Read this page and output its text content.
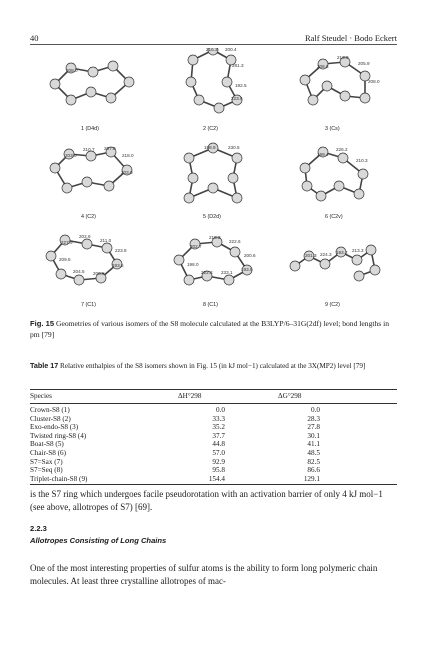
40	Ralf Steudel · Bodo Eckert
208.0
1 (D4d)
216.3 200.4
281.3
192.5
223.6
2 (C2)
206.6
213.9
205.9
208.0
3 (Cs)
203.0
210.7 207.0
218.0
203.0
4 (C2)
198.9	230.5
5 (D2d)
199.4
226.2
210.3
6 (C2v)
227.9
202.6
211.0
223.8
193.5
206.8
204.5
209.5
7 (C1)
202.7
215.3
222.6
200.6
193.8
233.1
222.3
198.0
8 (C1)
201.3 224.3 193.2 213.3
9 (C2)
Fig. 15 Geometries of various isomers of the S8 molecule calculated at the B3LYP/6–31G(2df) level; bond lengths in pm [79]
Table 17 Relative enthalpies of the S8 isomers shown in Fig. 15 (in kJ mol−1) calculated at the 3X(MP2) level [79]
Species	ΔH°298	ΔG°298
Crown-S8 (1)	0.0	0.0
Cluster-S8 (2)	33.3	28.3
Exo-endo-S8 (3)	35.2	27.8
Twisted ring-S8 (4)	37.7	30.1
Boat-S8 (5)	44.8	41.1
Chair-S8 (6)	57.0	48.5
S7=Sax (7)	92.9	82.5
S7=Seq (8)	95.8	86.6
Triplet-chain-S8 (9)	154.4	129.1
is the S7 ring which undergoes facile pseudorotation with an activation barrier of only 4 kJ mol−1 (see above, allotropes of S7) [69].
2.2.3
Allotropes Consisting of Long Chains
One of the most interesting properties of sulfur atoms is the ability to form long polymeric chain molecules. At least three crystalline allotropes of mac-
